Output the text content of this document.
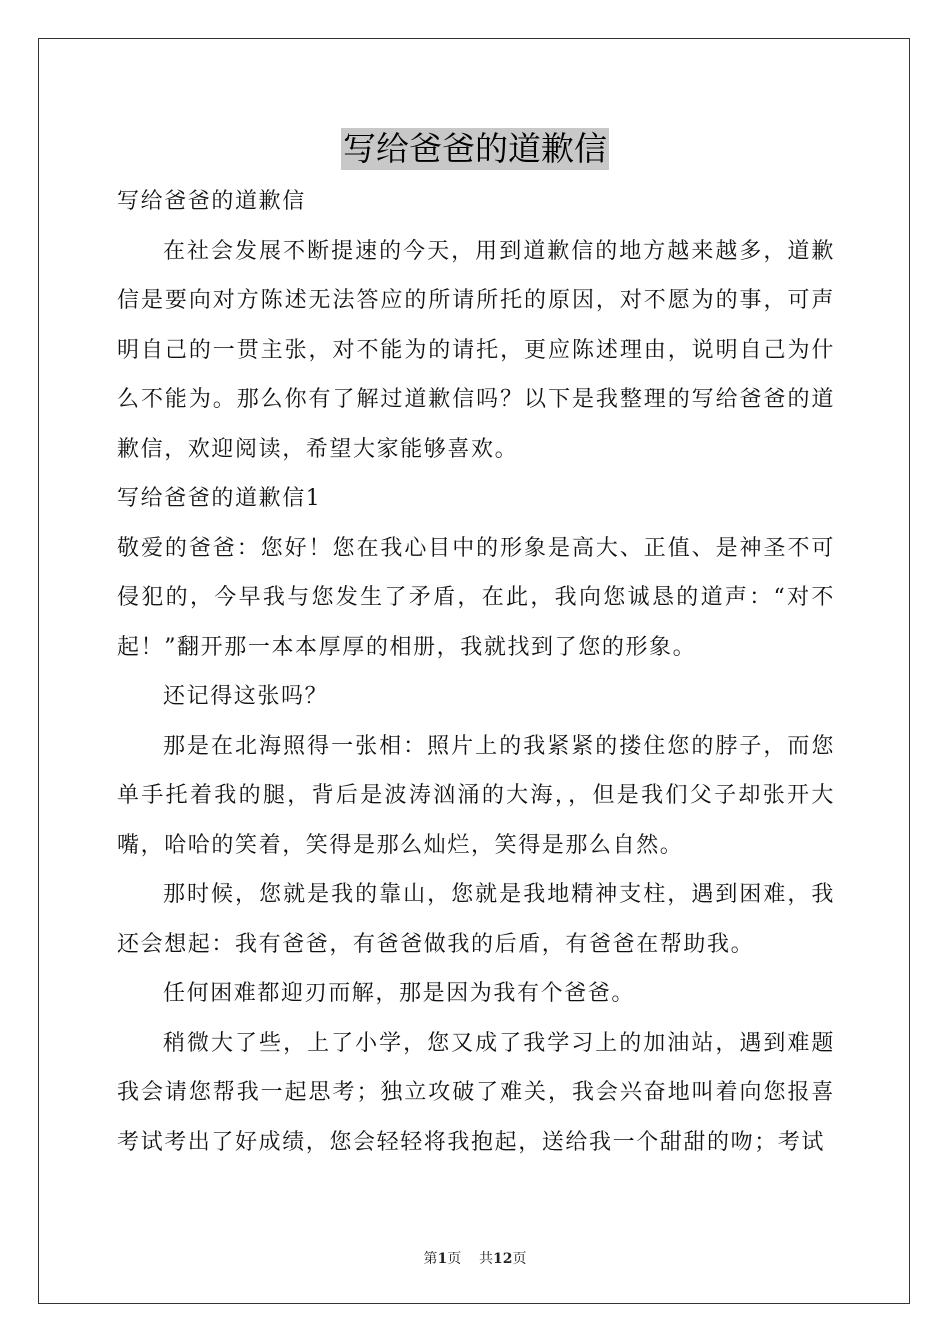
写给爸爸的道歉信

写给爸爸的道歉信

在社会发展不断提速的今天，用到道歉信的地方越来越多，道歉信是要向对方陈述无法答应的所请所托的原因，对不愿为的事，可声明自己的一贯主张，对不能为的请托，更应陈述理由，说明自己为什么不能为。那么你有了解过道歉信吗？以下是我整理的写给爸爸的道歉信，欢迎阅读，希望大家能够喜欢。

写给爸爸的道歉信1

敬爱的爸爸：您好！您在我心目中的形象是高大、正值、是神圣不可侵犯的，今早我与您发生了矛盾，在此，我向您诚恳的道声：“对不起！”翻开那一本本厚厚的相册，我就找到了您的形象。

还记得这张吗？

那是在北海照得一张相：照片上的我紧紧的搂住您的脖子，而您单手托着我的腿，背后是波涛汹涌的大海，，但是我们父子却张开大嘴，哈哈的笑着，笑得是那么灿烂，笑得是那么自然。

那时候，您就是我的靠山，您就是我地精神支柱，遇到困难，我还会想起：我有爸爸，有爸爸做我的后盾，有爸爸在帮助我。

任何困难都迎刃而解，那是因为我有个爸爸。

稍微大了些，上了小学，您又成了我学习上的加油站，遇到难题我会请您帮我一起思考；独立攻破了难关，我会兴奋地叫着向您报喜考试考出了好成绩，您会轻轻将我抱起，送给我一个甜甜的吻；考试

第1页    共12页
